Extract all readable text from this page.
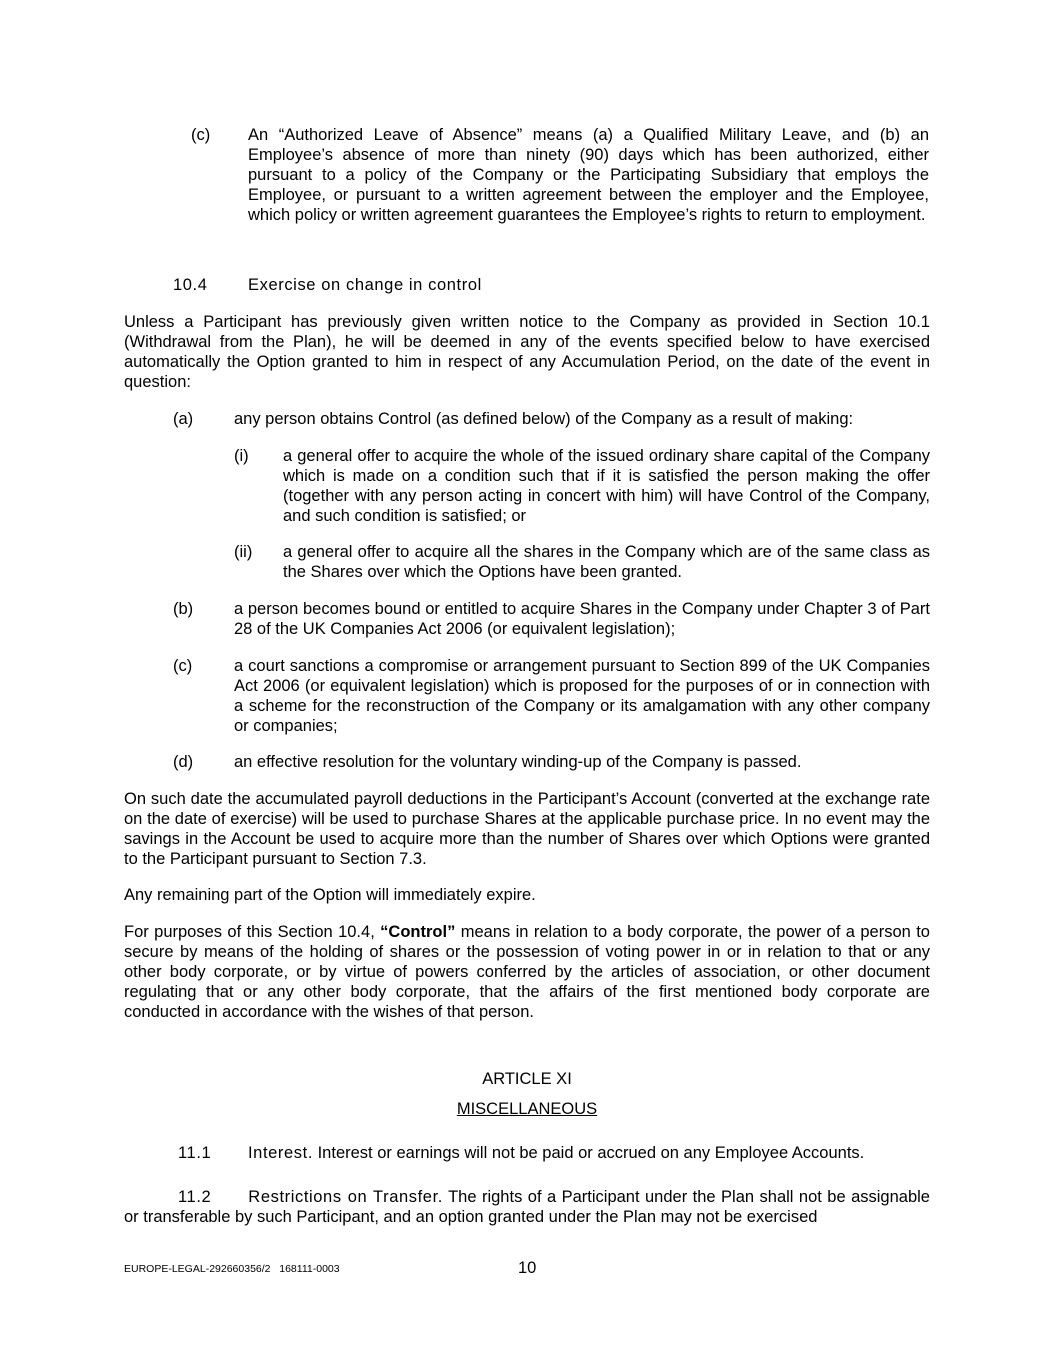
(c) An “Authorized Leave of Absence” means (a) a Qualified Military Leave, and (b) an Employee’s absence of more than ninety (90) days which has been authorized, either pursuant to a policy of the Company or the Participating Subsidiary that employs the Employee, or pursuant to a written agreement between the employer and the Employee, which policy or written agreement guarantees the Employee’s rights to return to employment.

10.4 Exercise on change in control

Unless a Participant has previously given written notice to the Company as provided in Section 10.1 (Withdrawal from the Plan), he will be deemed in any of the events specified below to have exercised automatically the Option granted to him in respect of any Accumulation Period, on the date of the event in question:

(a) any person obtains Control (as defined below) of the Company as a result of making:

(i) a general offer to acquire the whole of the issued ordinary share capital of the Company which is made on a condition such that if it is satisfied the person making the offer (together with any person acting in concert with him) will have Control of the Company, and such condition is satisfied; or

(ii) a general offer to acquire all the shares in the Company which are of the same class as the Shares over which the Options have been granted.

(b) a person becomes bound or entitled to acquire Shares in the Company under Chapter 3 of Part 28 of the UK Companies Act 2006 (or equivalent legislation);

(c)	a court sanctions a compromise or arrangement pursuant to Section 899 of the UK Companies Act 2006 (or equivalent legislation) which is proposed for the purposes of or in connection with a scheme for the reconstruction of the Company or its amalgamation with any other company or companies;

(d) an effective resolution for the voluntary winding-up of the Company is passed.

On such date the accumulated payroll deductions in the Participant’s Account (converted at the exchange rate on the date of exercise) will be used to purchase Shares at the applicable purchase price. In no event may the savings in the Account be used to acquire more than the number of Shares over which Options were granted to the Participant pursuant to Section 7.3.

Any remaining part of the Option will immediately expire.

For purposes of this Section 10.4, “Control” means in relation to a body corporate, the power of a person to secure by means of the holding of shares or the possession of voting power in or in relation to that or any other body corporate, or by virtue of powers conferred by the articles of association, or other document regulating that or any other body corporate, that the affairs of the first mentioned body corporate are conducted in accordance with the wishes of that person.

ARTICLE XI
MISCELLANEOUS
11.1 Interest. Interest or earnings will not be paid or accrued on any Employee Accounts.

11.2 Restrictions on Transfer. The rights of a Participant under the Plan shall not be assignable or transferable by such Participant, and an option granted under the Plan may not be exercised

EUROPE-LEGAL-292660356/2   168111-0003	10
